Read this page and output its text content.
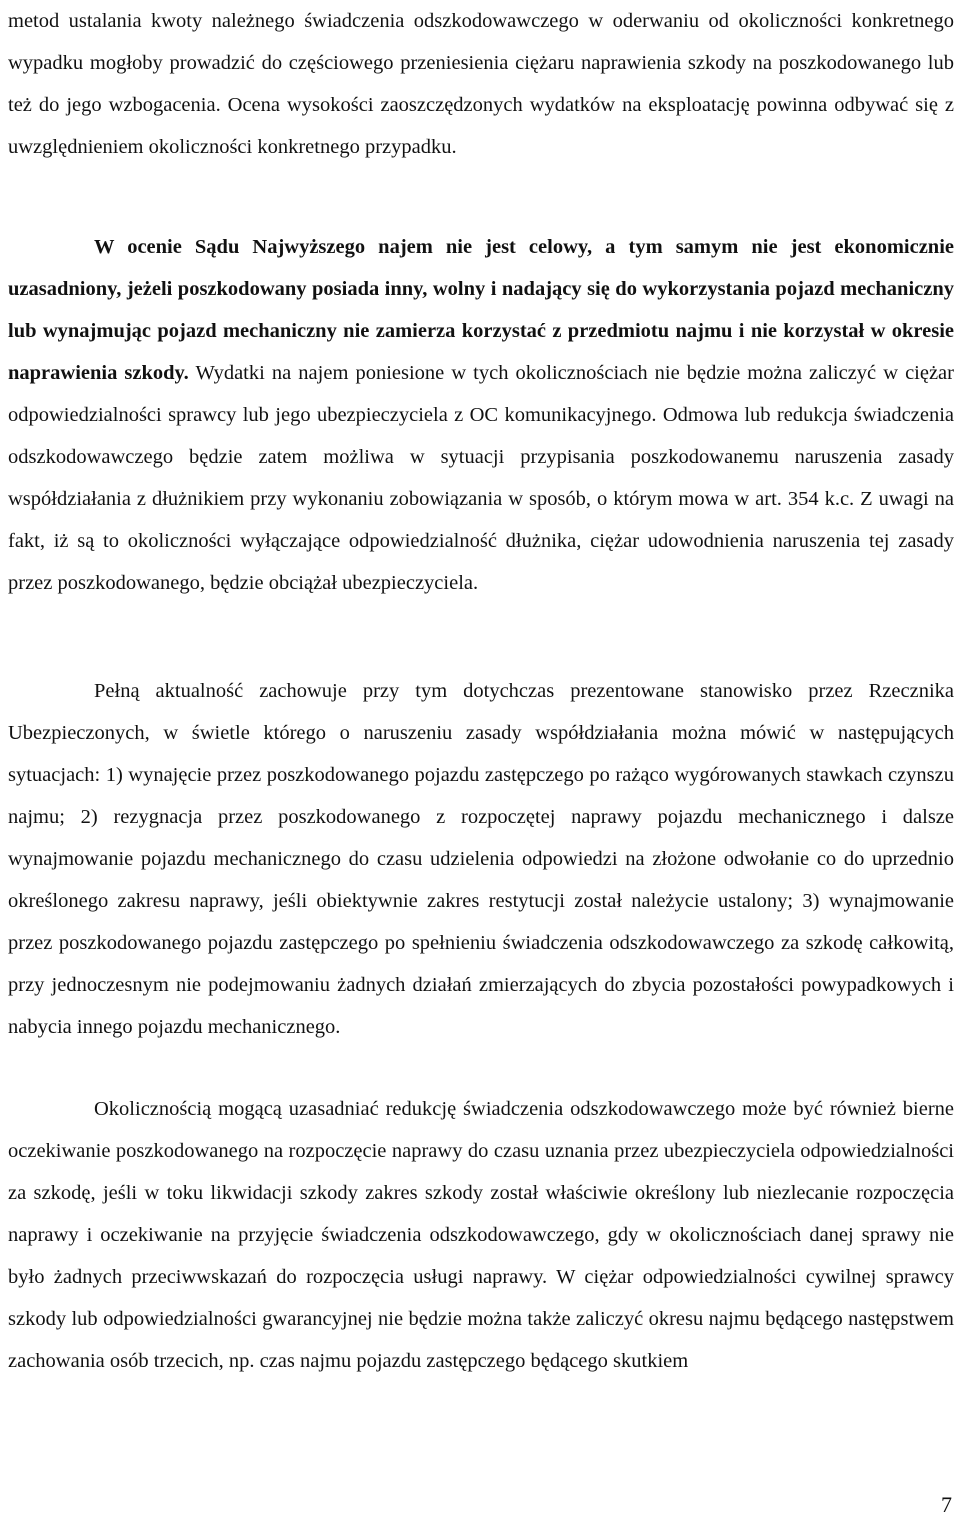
metod ustalania kwoty należnego świadczenia odszkodowawczego w oderwaniu od okoliczności konkretnego wypadku mogłoby prowadzić do częściowego przeniesienia ciężaru naprawienia szkody na poszkodowanego lub też do jego wzbogacenia. Ocena wysokości zaoszczędzonych wydatków na eksploatację powinna odbywać się z uwzględnieniem okoliczności konkretnego przypadku.

W ocenie Sądu Najwyższego najem nie jest celowy, a tym samym nie jest ekonomicznie uzasadniony, jeżeli poszkodowany posiada inny, wolny i nadający się do wykorzystania pojazd mechaniczny lub wynajmując pojazd mechaniczny nie zamierza korzystać z przedmiotu najmu i nie korzystał w okresie naprawienia szkody. Wydatki na najem poniesione w tych okolicznościach nie będzie można zaliczyć w ciężar odpowiedzialności sprawcy lub jego ubezpieczyciela z OC komunikacyjnego. Odmowa lub redukcja świadczenia odszkodowawczego będzie zatem możliwa w sytuacji przypisania poszkodowanemu naruszenia zasady współdziałania z dłużnikiem przy wykonaniu zobowiązania w sposób, o którym mowa w art. 354 k.c. Z uwagi na fakt, iż są to okoliczności wyłączające odpowiedzialność dłużnika, ciężar udowodnienia naruszenia tej zasady przez poszkodowanego, będzie obciążał ubezpieczyciela.

Pełną aktualność zachowuje przy tym dotychczas prezentowane stanowisko przez Rzecznika Ubezpieczonych, w świetle którego o naruszeniu zasady współdziałania można mówić w następujących sytuacjach: 1) wynajęcie przez poszkodowanego pojazdu zastępczego po rażąco wygórowanych stawkach czynszu najmu; 2) rezygnacja przez poszkodowanego z rozpoczętej naprawy pojazdu mechanicznego i dalsze wynajmowanie pojazdu mechanicznego do czasu udzielenia odpowiedzi na złożone odwołanie co do uprzednio określonego zakresu naprawy, jeśli obiektywnie zakres restytucji został należycie ustalony; 3) wynajmowanie przez poszkodowanego pojazdu zastępczego po spełnieniu świadczenia odszkodowawczego za szkodę całkowitą, przy jednoczesnym nie podejmowaniu żadnych działań zmierzających do zbycia pozostałości powypadkowych i nabycia innego pojazdu mechanicznego.

Okolicznością mogącą uzasadniać redukcję świadczenia odszkodowawczego może być również bierne oczekiwanie poszkodowanego na rozpoczęcie naprawy do czasu uznania przez ubezpieczyciela odpowiedzialności za szkodę, jeśli w toku likwidacji szkody zakres szkody został właściwie określony lub niezlecanie rozpoczęcia naprawy i oczekiwanie na przyjęcie świadczenia odszkodowawczego, gdy w okolicznościach danej sprawy nie było żadnych przeciwwskazań do rozpoczęcia usługi naprawy. W ciężar odpowiedzialności cywilnej sprawcy szkody lub odpowiedzialności gwarancyjnej nie będzie można także zaliczyć okresu najmu będącego następstwem zachowania osób trzecich, np. czas najmu pojazdu zastępczego będącego skutkiem

7
